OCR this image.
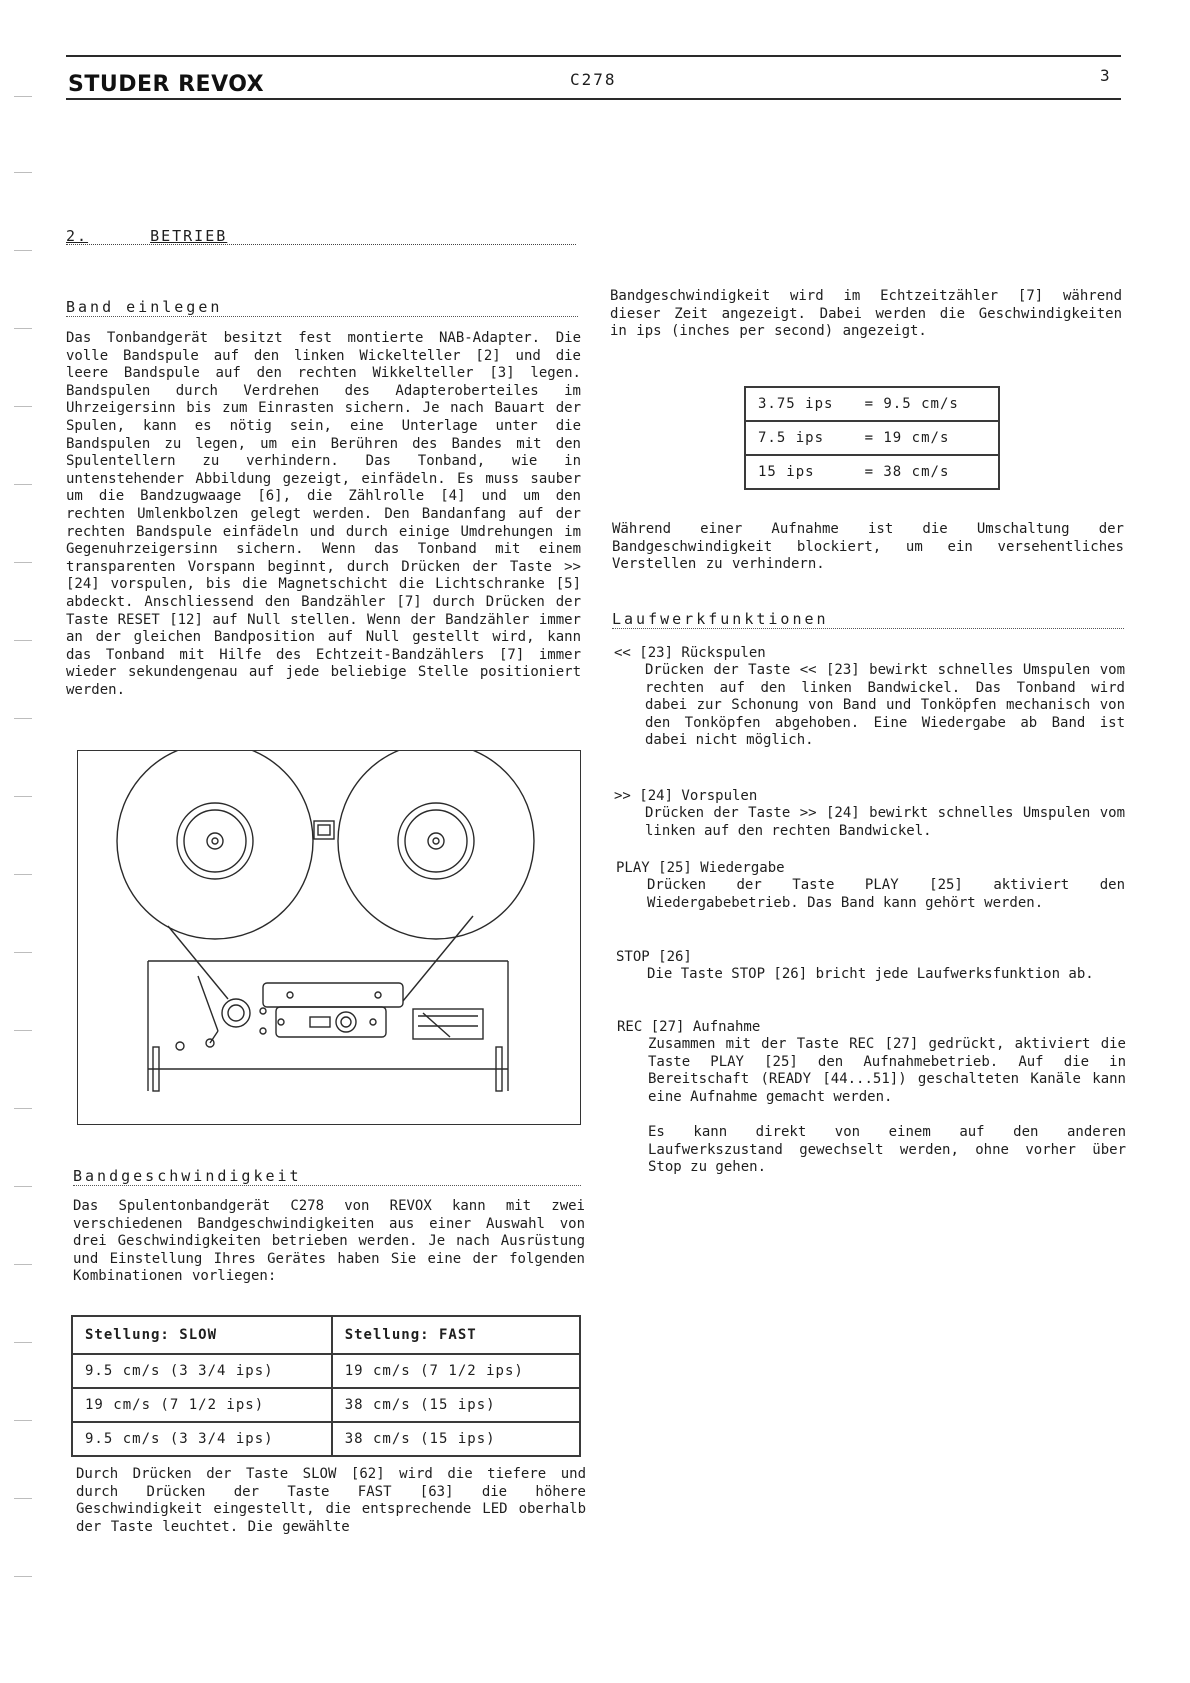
STUDER REVOX	C278	3
2.	BETRIEB
Band einlegen
Das Tonbandgerät besitzt fest montierte NAB-Adapter. Die volle Bandspule auf den linken Wickelteller [2] und die leere Bandspule auf den rechten Wikkelteller [3] legen. Bandspulen durch Verdrehen des Adapteroberteiles im Uhrzeigersinn bis zum Einrasten sichern. Je nach Bauart der Spulen, kann es nötig sein, eine Unterlage unter die Bandspulen zu legen, um ein Berühren des Bandes mit den Spulentellern zu verhindern. Das Tonband, wie in untenstehender Abbildung gezeigt, einfädeln. Es muss sauber um die Bandzugwaage [6], die Zählrolle [4] und um den rechten Umlenkbolzen gelegt werden. Den Bandanfang auf der rechten Bandspule einfädeln und durch einige Umdrehungen im Gegenuhrzeigersinn sichern. Wenn das Tonband mit einem transparenten Vorspann beginnt, durch Drücken der Taste >> [24] vorspulen, bis die Magnetschicht die Lichtschranke [5] abdeckt. Anschliessend den Bandzähler [7] durch Drücken der Taste RESET [12] auf Null stellen. Wenn der Bandzähler immer an der gleichen Bandposition auf Null gestellt wird, kann das Tonband mit Hilfe des Echtzeit-Bandzählers [7] immer wieder sekundengenau auf jede beliebige Stelle positioniert werden.
Bandgeschwindigkeit
Das Spulentonbandgerät C278 von REVOX kann mit zwei verschiedenen Bandgeschwindigkeiten aus einer Auswahl von drei Geschwindigkeiten betrieben werden. Je nach Ausrüstung und Einstellung Ihres Gerätes haben Sie eine der folgenden Kombinationen vorliegen:
Stellung: SLOW	Stellung: FAST
9.5 cm/s (3 3/4 ips)	19 cm/s (7 1/2 ips)
19 cm/s (7 1/2 ips)	38 cm/s (15 ips)
9.5 cm/s (3 3/4 ips)	38 cm/s (15 ips)
Durch Drücken der Taste SLOW [62] wird die tiefere und durch Drücken der Taste FAST [63] die höhere Geschwindigkeit eingestellt, die entsprechende LED oberhalb der Taste leuchtet. Die gewählte
Bandgeschwindigkeit wird im Echtzeitzähler [7] während dieser Zeit angezeigt. Dabei werden die Geschwindigkeiten in ips (inches per second) angezeigt.
3.75 ips	=	9.5 cm/s
7.5 ips	=	19 cm/s
15 ips	=	38 cm/s
Während einer Aufnahme ist die Umschaltung der Bandgeschwindigkeit blockiert, um ein versehentliches Verstellen zu verhindern.
Laufwerkfunktionen
<< [23] Rückspulen
Drücken der Taste << [23] bewirkt schnelles Umspulen vom rechten auf den linken Bandwickel. Das Tonband wird dabei zur Schonung von Band und Tonköpfen mechanisch von den Tonköpfen abgehoben. Eine Wiedergabe ab Band ist dabei nicht möglich.
>> [24] Vorspulen
Drücken der Taste >> [24] bewirkt schnelles Umspulen vom linken auf den rechten Bandwickel.
PLAY [25] Wiedergabe
Drücken der Taste PLAY [25] aktiviert den Wiedergabebetrieb. Das Band kann gehört werden.
STOP [26]
Die Taste STOP [26] bricht jede Laufwerksfunktion ab.
REC [27] Aufnahme
Zusammen mit der Taste REC [27] gedrückt, aktiviert die Taste PLAY [25] den Aufnahmebetrieb. Auf die in Bereitschaft (READY [44...51]) geschalteten Kanäle kann eine Aufnahme gemacht werden.
Es kann direkt von einem auf den anderen Laufwerkszustand gewechselt werden, ohne vorher über Stop zu gehen.
